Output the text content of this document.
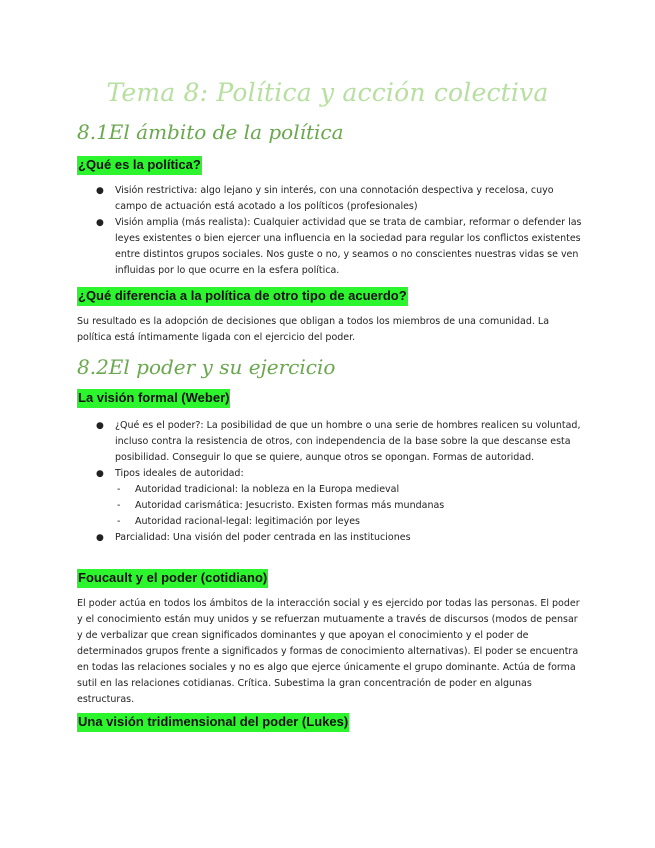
Tema 8: Política y acción colectiva
8.1El ámbito de la política
¿Qué es la política?
● Visión restrictiva: algo lejano y sin interés, con una connotación despectiva y recelosa, cuyo campo de actuación está acotado a los políticos (profesionales)
● Visión amplia (más realista): Cualquier actividad que se trata de cambiar, reformar o defender las leyes existentes o bien ejercer una influencia en la sociedad para regular los conflictos existentes entre distintos grupos sociales. Nos guste o no, y seamos o no conscientes nuestras vidas se ven influidas por lo que ocurre en la esfera política.
¿Qué diferencia a la política de otro tipo de acuerdo?
Su resultado es la adopción de decisiones que obligan a todos los miembros de una comunidad. La política está íntimamente ligada con el ejercicio del poder.
8.2El poder y su ejercicio
La visión formal (Weber)
● ¿Qué es el poder?: La posibilidad de que un hombre o una serie de hombres realicen su voluntad, incluso contra la resistencia de otros, con independencia de la base sobre la que descanse esta posibilidad. Conseguir lo que se quiere, aunque otros se opongan. Formas de autoridad.
● Tipos ideales de autoridad:
- Autoridad tradicional: la nobleza en la Europa medieval
- Autoridad carismática: Jesucristo. Existen formas más mundanas
- Autoridad racional-legal: legitimación por leyes
● Parcialidad: Una visión del poder centrada en las instituciones
Foucault y el poder (cotidiano)
El poder actúa en todos los ámbitos de la interacción social y es ejercido por todas las personas. El poder y el conocimiento están muy unidos y se refuerzan mutuamente a través de discursos (modos de pensar y de verbalizar que crean significados dominantes y que apoyan el conocimiento y el poder de determinados grupos frente a significados y formas de conocimiento alternativas). El poder se encuentra en todas las relaciones sociales y no es algo que ejerce únicamente el grupo dominante. Actúa de forma sutil en las relaciones cotidianas. Crítica. Subestima la gran concentración de poder en algunas estructuras.
Una visión tridimensional del poder (Lukes)
